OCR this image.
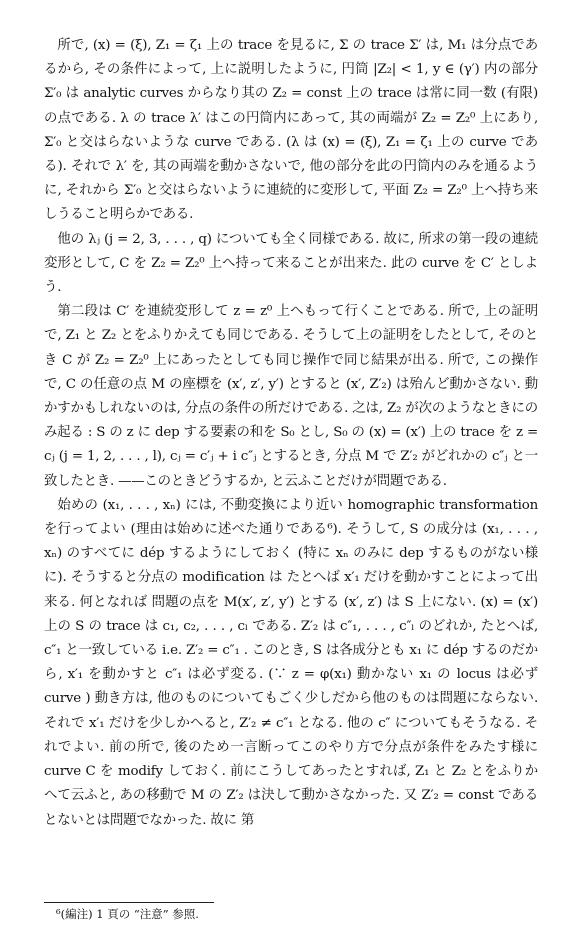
所で, (x) = (ξ), Z₁ = ζ₁ 上の trace を見るに, Σ の trace Σ′ は, M₁ は分点であるから, その条件によって, 上に説明したように, 円筒 |Z₂| < 1, y ∈ (γ′) 内の部分 Σ′₀ は analytic curves からなり其の Z₂ = const 上の trace は常に同一数 (有限) の点である. λ の trace λ′ はこの円筒内にあって, 其の両端が Z₂ = Z₂⁰ 上にあり, Σ′₀ と交はらないような curve である. (λ は (x) = (ξ), Z₁ = ζ₁ 上の curve である). それで λ′ を, 其の両端を動かさないで, 他の部分を此の円筒内のみを通るように, それから Σ′₀ と交はらないように連続的に変形して, 平面 Z₂ = Z₂⁰ 上へ持ち来しうること明らかである.

他の λⱼ (j = 2, 3, . . . , q) についても全く同様である. 故に, 所求の第一段の連続変形として, C を Z₂ = Z₂⁰ 上へ持って来ることが出来た. 此の curve を C′ としよう.

第二段は C′ を連続変形して z = z⁰ 上へもって行くことである. 所で, 上の証明で, Z₁ と Z₂ とをふりかえても同じである. そうして上の証明をしたとして, そのとき C が Z₂ = Z₂⁰ 上にあったとしても同じ操作で同じ結果が出る. 所で, この操作で, C の任意の点 M の座標を (x′, z′, y′) とすると (x′, Z′₂) は殆んど動かさない. 動かすかもしれないのは, 分点の条件の所だけである. 之は, Z₂ が次のようなときにのみ起る : S の z に dep する要素の和を S₀ とし, S₀ の (x) = (x′) 上の trace を z = cⱼ (j = 1, 2, . . . , l), cⱼ = c′ⱼ + i c″ⱼ とするとき, 分点 M で Z′₂ がどれかの c″ⱼ と一致したとき. ——このときどうするか, と云ふことだけが問題である.

始めの (x₁, . . . , xₙ) には, 不動変換により近い homographic transformation を行ってよい (理由は始めに述べた通りである⁶). そうして, S の成分は (x₁, . . . , xₙ) のすべてに dép するようにしておく (特に xₙ のみに dep するものがない様に). そうすると分点の modification は たとへば x′₁ だけを動かすことによって出来る. 何となれば 問題の点を M(x′, z′, y′) とする (x′, z′) は S 上にない. (x) = (x′) 上の S の trace は c₁, c₂, . . . , cₗ である. Z′₂ は c″₁, . . . , c″ₗ のどれか, たとへば, c″₁ と一致している i.e. Z′₂ = c″₁ . このとき, S は各成分とも x₁ に dép するのだから, x′₁ を動かすと c″₁ は必ず変る. (∵ z = φ(x₁) 動かない x₁ の locus は必ず curve ) 動き方は, 他のものについてもごく少しだから他のものは問題にならない. それで x′₁ だけを少しかへると, Z′₂ ≠ c″₁ となる. 他の c″ についてもそうなる. それでよい. 前の所で, 後のため一言断ってこのやり方で分点が条件をみたす様に curve C を modify しておく. 前にこうしてあったとすれば, Z₁ と Z₂ とをふりかへて云ふと, あの移動で M の Z′₂ は決して動かさなかった. 又 Z′₂ = const であるとないとは問題でなかった. 故に 第

⁶(編注) 1 頁の “注意” 参照.
